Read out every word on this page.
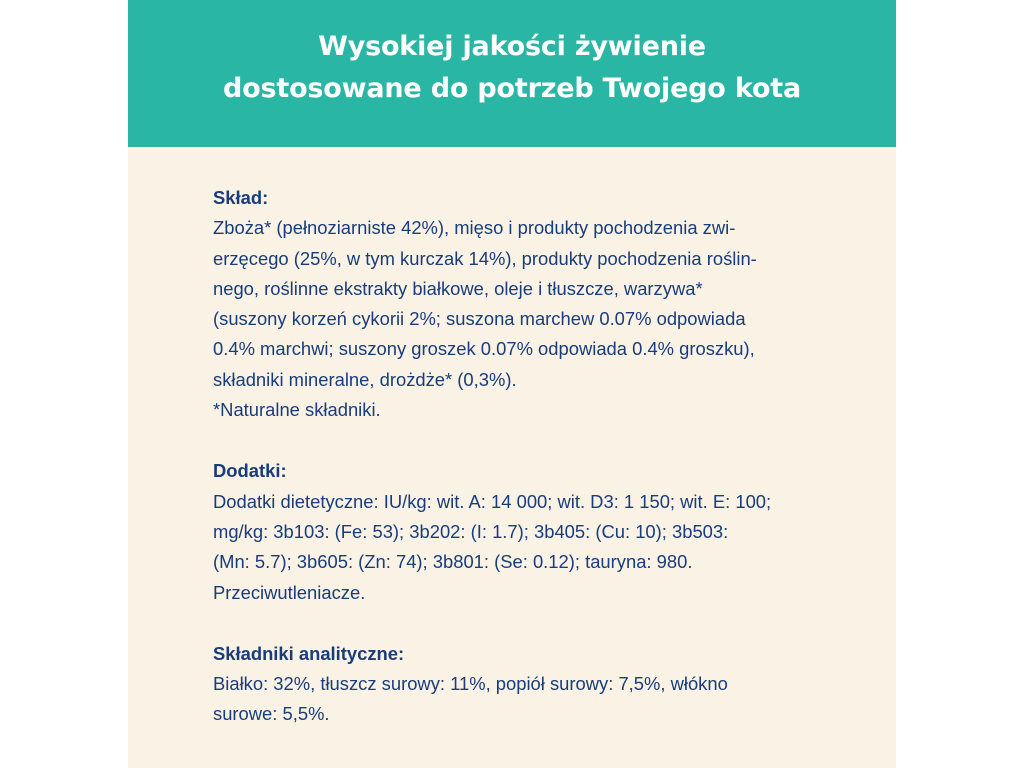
Wysokiej jakości żywienie
dostosowane do potrzeb Twojego kota

Skład:

Zboża* (pełnoziarniste 42%), mięso i produkty pochodzenia zwi-
erzęcego (25%, w tym kurczak 14%), produkty pochodzenia roślin-
nego, roślinne ekstrakty białkowe, oleje i tłuszcze, warzywa*
(suszony korzeń cykorii 2%; suszona marchew 0.07% odpowiada
0.4% marchwi; suszony groszek 0.07% odpowiada 0.4% groszku),
składniki mineralne, drożdże* (0,3%).
*Naturalne składniki.

Dodatki:

Dodatki dietetyczne: IU/kg: wit. A: 14 000; wit. D3: 1 150; wit. E: 100;
mg/kg: 3b103: (Fe: 53); 3b202: (I: 1.7); 3b405: (Cu: 10); 3b503:
(Mn: 5.7); 3b605: (Zn: 74); 3b801: (Se: 0.12); tauryna: 980.
Przeciwutleniacze.

Składniki analityczne:

Białko: 32%, tłuszcz surowy: 11%, popiół surowy: 7,5%, włókno
surowe: 5,5%.
